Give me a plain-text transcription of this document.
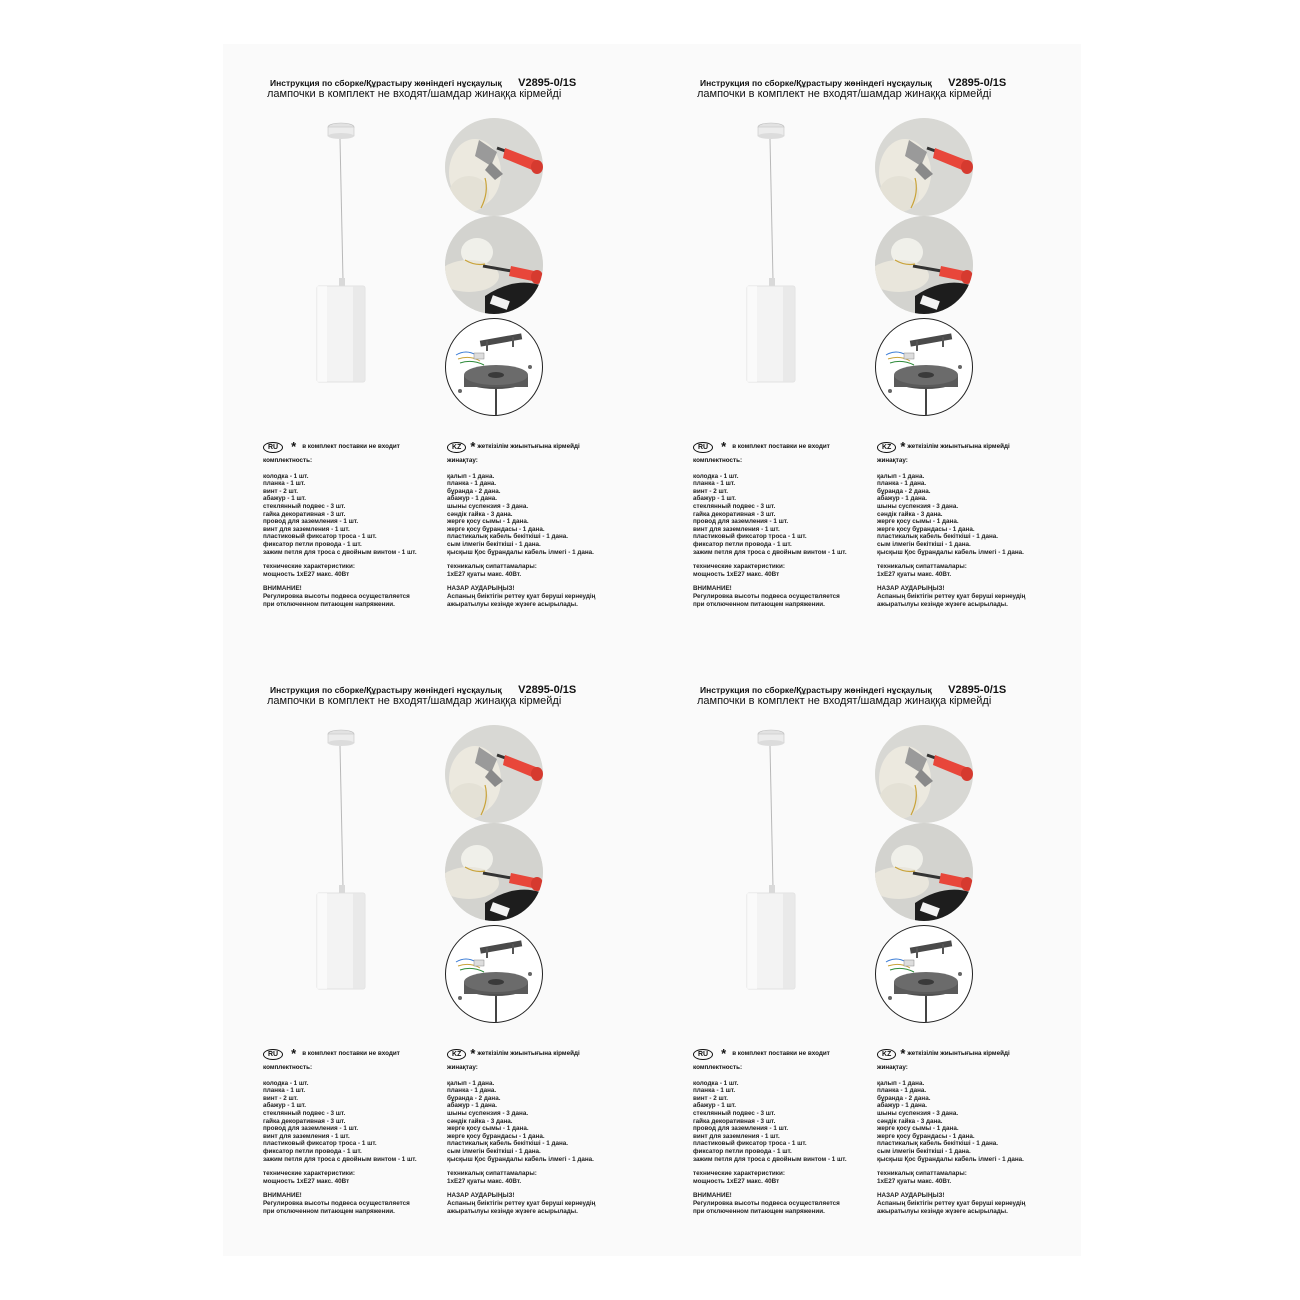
Инструкция по сборке/Құрастыру жөніндегі нұсқаулық V2895-0/1S
лампочки в комплект не входят/шамдар жинаққа кірмейді
RU	* в комплект поставки не входит
комплектность:
колодка - 1 шт.
планка - 1 шт.
винт - 2 шт.
абажур - 1 шт.
стеклянный подвес - 3 шт.
гайка декоративная - 3 шт.
провод для заземления - 1 шт.
винт для заземления - 1 шт.
пластиковый фиксатор троса - 1 шт.
фиксатор петли провода - 1 шт.
зажим петля для троса с двойным винтом - 1 шт.
технические характеристики:
мощность 1хE27 макс. 40Вт
ВНИМАНИЕ!
Регулировка высоты подвеса осуществляется
при отключенном питающем напряжении.
KZ * жеткізілім жиынтығына кірмейді
жинақтау:
қалып - 1 дана.
планка - 1 дана.
бұранда - 2 дана.
абажур - 1 дана.
шыны суспензия - 3 дана.
сәндік гайка - 3 дана.
жерге қосу сымы - 1 дана.
жерге қосу бұрандасы - 1 дана.
пластикалық кабель бекіткіші - 1 дана.
сым ілмегін бекіткіші - 1 дана.
қысқыш Қос бұрандалы кабель ілмегі - 1 дана.
техникалық сипаттамалары:
1хE27 қуаты макс. 40Вт.
НАЗАР АУДАРЫҢЫЗ!
Аспаның биіктігін реттеу қуат беруші кернеудің
ажыратылуы кезінде жүзеге асырылады.
Инструкция по сборке/Құрастыру жөніндегі нұсқаулық V2895-0/1S
лампочки в комплект не входят/шамдар жинаққа кірмейді
RU	* в комплект поставки не входит
комплектность:
колодка - 1 шт.
планка - 1 шт.
винт - 2 шт.
абажур - 1 шт.
стеклянный подвес - 3 шт.
гайка декоративная - 3 шт.
провод для заземления - 1 шт.
винт для заземления - 1 шт.
пластиковый фиксатор троса - 1 шт.
фиксатор петли провода - 1 шт.
зажим петля для троса с двойным винтом - 1 шт.
технические характеристики:
мощность 1хE27 макс. 40Вт
ВНИМАНИЕ!
Регулировка высоты подвеса осуществляется
при отключенном питающем напряжении.
KZ * жеткізілім жиынтығына кірмейді
жинақтау:
қалып - 1 дана.
планка - 1 дана.
бұранда - 2 дана.
абажур - 1 дана.
шыны суспензия - 3 дана.
сәндік гайка - 3 дана.
жерге қосу сымы - 1 дана.
жерге қосу бұрандасы - 1 дана.
пластикалық кабель бекіткіші - 1 дана.
сым ілмегін бекіткіші - 1 дана.
қысқыш Қос бұрандалы кабель ілмегі - 1 дана.
техникалық сипаттамалары:
1хE27 қуаты макс. 40Вт.
НАЗАР АУДАРЫҢЫЗ!
Аспаның биіктігін реттеу қуат беруші кернеудің
ажыратылуы кезінде жүзеге асырылады.
Инструкция по сборке/Құрастыру жөніндегі нұсқаулық V2895-0/1S
лампочки в комплект не входят/шамдар жинаққа кірмейді
RU	* в комплект поставки не входит
комплектность:
колодка - 1 шт.
планка - 1 шт.
винт - 2 шт.
абажур - 1 шт.
стеклянный подвес - 3 шт.
гайка декоративная - 3 шт.
провод для заземления - 1 шт.
винт для заземления - 1 шт.
пластиковый фиксатор троса - 1 шт.
фиксатор петли провода - 1 шт.
зажим петля для троса с двойным винтом - 1 шт.
технические характеристики:
мощность 1хE27 макс. 40Вт
ВНИМАНИЕ!
Регулировка высоты подвеса осуществляется
при отключенном питающем напряжении.
KZ * жеткізілім жиынтығына кірмейді
жинақтау:
қалып - 1 дана.
планка - 1 дана.
бұранда - 2 дана.
абажур - 1 дана.
шыны суспензия - 3 дана.
сәндік гайка - 3 дана.
жерге қосу сымы - 1 дана.
жерге қосу бұрандасы - 1 дана.
пластикалық кабель бекіткіші - 1 дана.
сым ілмегін бекіткіші - 1 дана.
қысқыш Қос бұрандалы кабель ілмегі - 1 дана.
техникалық сипаттамалары:
1хE27 қуаты макс. 40Вт.
НАЗАР АУДАРЫҢЫЗ!
Аспаның биіктігін реттеу қуат беруші кернеудің
ажыратылуы кезінде жүзеге асырылады.
Инструкция по сборке/Құрастыру жөніндегі нұсқаулық V2895-0/1S
лампочки в комплект не входят/шамдар жинаққа кірмейді
RU	* в комплект поставки не входит
комплектность:
колодка - 1 шт.
планка - 1 шт.
винт - 2 шт.
абажур - 1 шт.
стеклянный подвес - 3 шт.
гайка декоративная - 3 шт.
провод для заземления - 1 шт.
винт для заземления - 1 шт.
пластиковый фиксатор троса - 1 шт.
фиксатор петли провода - 1 шт.
зажим петля для троса с двойным винтом - 1 шт.
технические характеристики:
мощность 1хE27 макс. 40Вт
ВНИМАНИЕ!
Регулировка высоты подвеса осуществляется
при отключенном питающем напряжении.
KZ * жеткізілім жиынтығына кірмейді
жинақтау:
қалып - 1 дана.
планка - 1 дана.
бұранда - 2 дана.
абажур - 1 дана.
шыны суспензия - 3 дана.
сәндік гайка - 3 дана.
жерге қосу сымы - 1 дана.
жерге қосу бұрандасы - 1 дана.
пластикалық кабель бекіткіші - 1 дана.
сым ілмегін бекіткіші - 1 дана.
қысқыш Қос бұрандалы кабель ілмегі - 1 дана.
техникалық сипаттамалары:
1хE27 қуаты макс. 40Вт.
НАЗАР АУДАРЫҢЫЗ!
Аспаның биіктігін реттеу қуат беруші кернеудің
ажыратылуы кезінде жүзеге асырылады.
